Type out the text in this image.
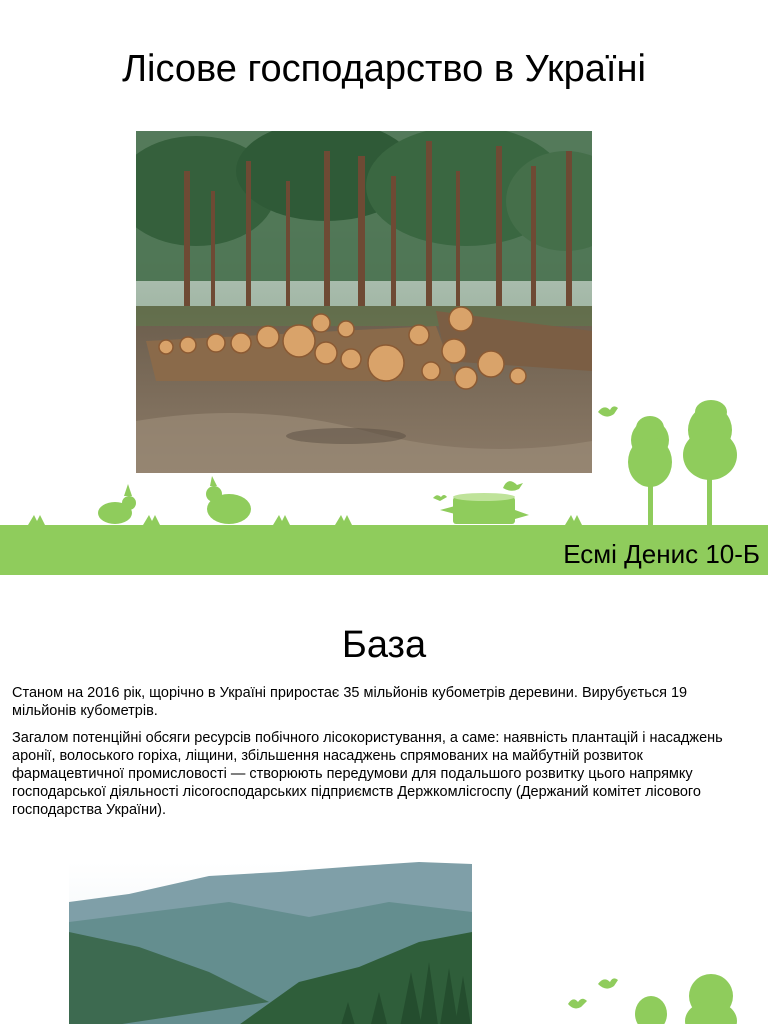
Лісове господарство в Україні

Есмі Денис 10-Б

База

Станом на 2016 рік, щорічно в Україні приростає 35 мільйонів кубометрів деревини. Вирубується 19 мільйонів кубометрів.

Загалом потенційні обсяги ресурсів побічного лісокористування, а саме: наявність плантацій і насаджень аронії, волоського горіха, ліщини, збільшення насаджень спрямованих на майбутній розвиток фармацевтичної промисловості — створюють передумови для подальшого розвитку цього напрямку господарської діяльності лісогосподарських підприємств Держкомлісгоспу (Держаний комітет лісового господарства України).
